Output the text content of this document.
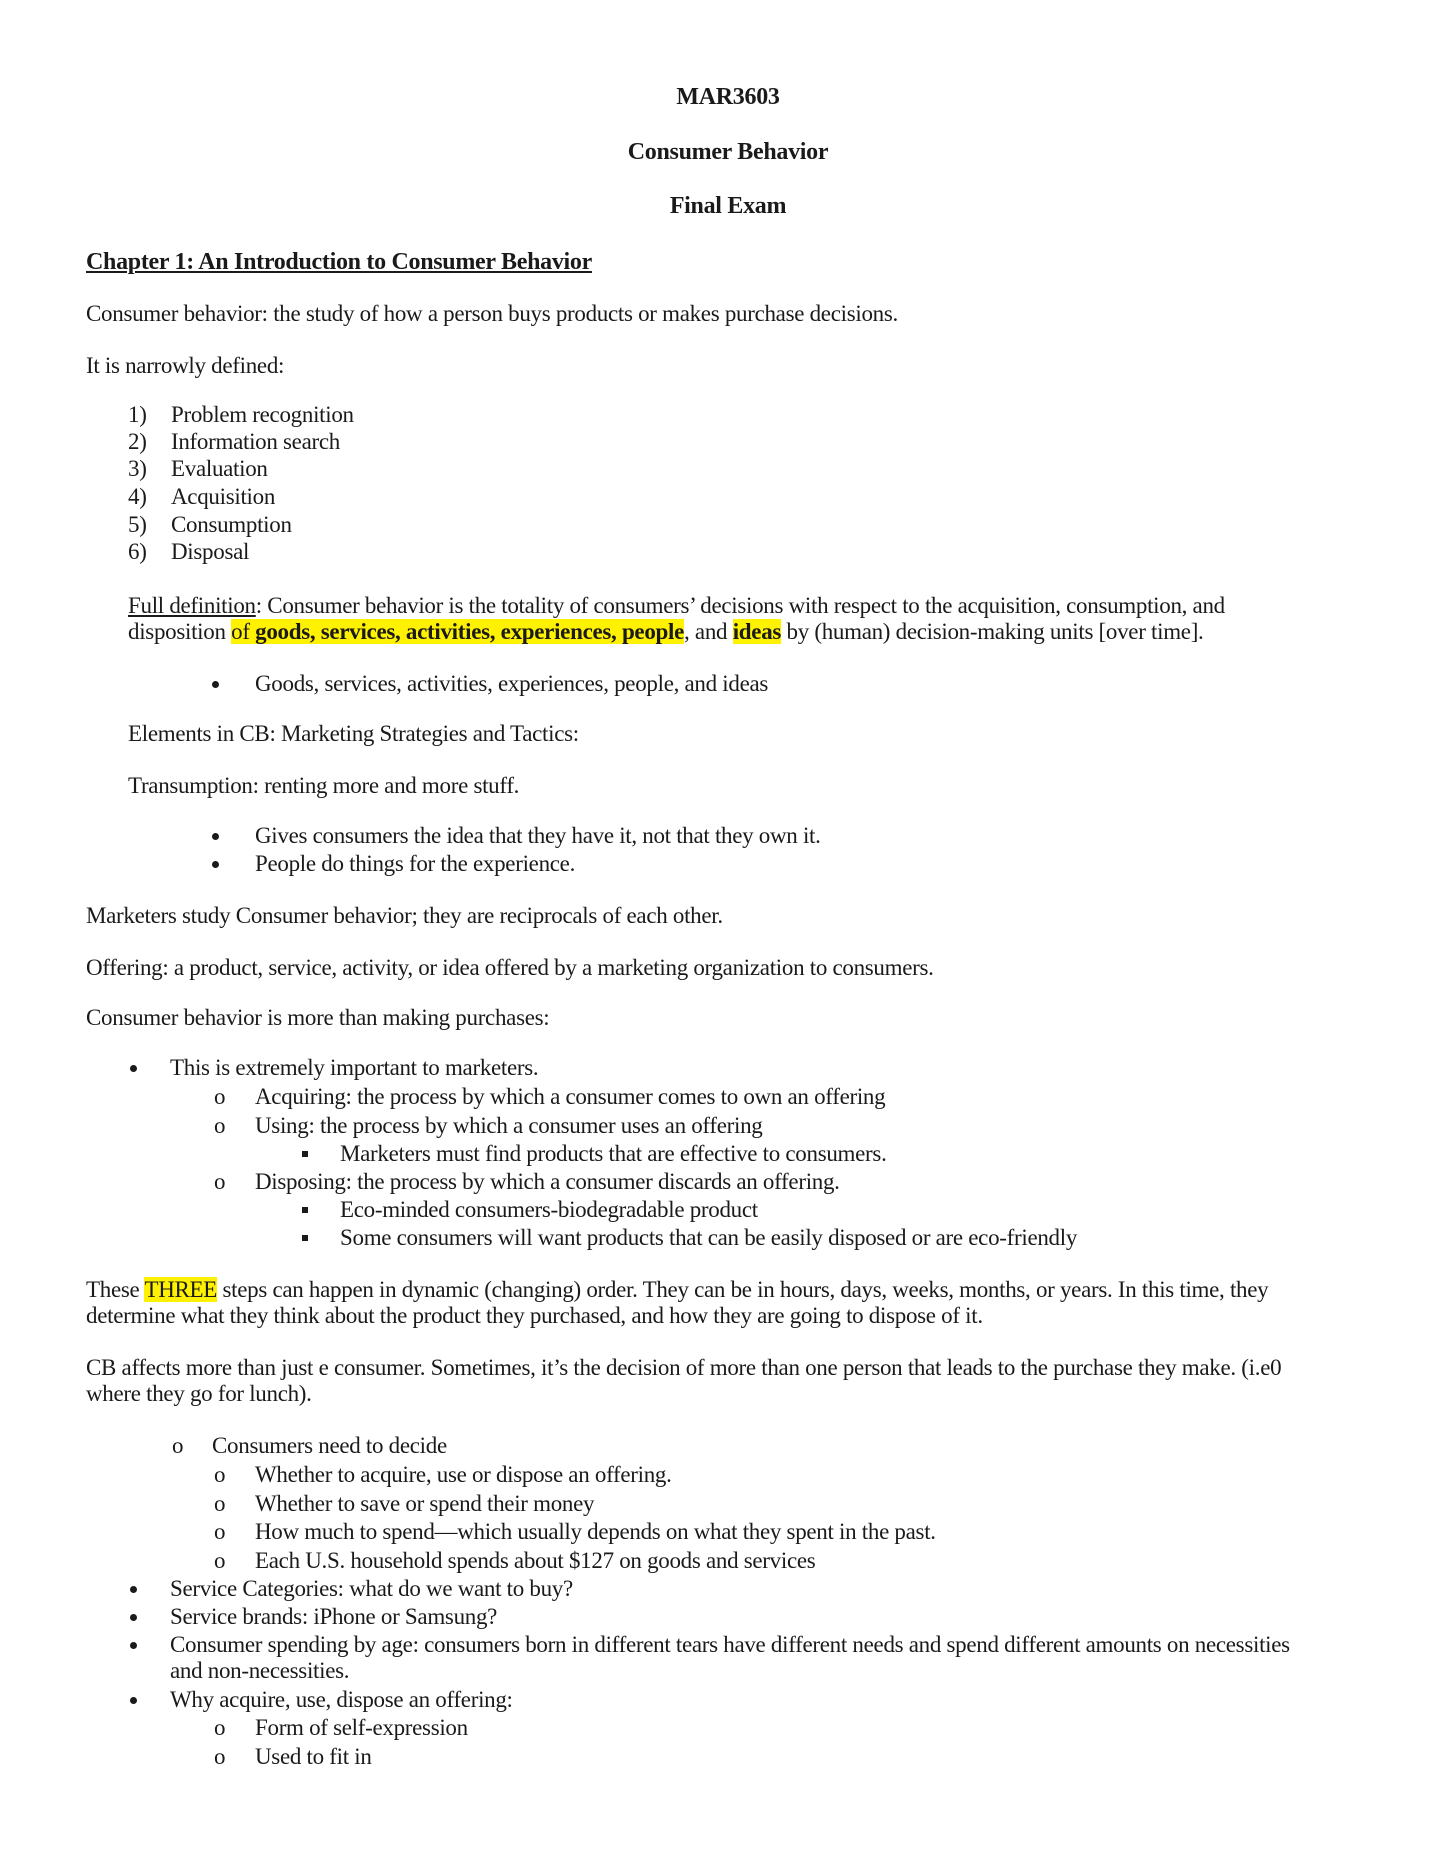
MAR3603
Consumer Behavior
Final Exam
Chapter 1: An Introduction to Consumer Behavior
Consumer behavior: the study of how a person buys products or makes purchase decisions.
It is narrowly defined:
1) Problem recognition
2) Information search
3) Evaluation
4) Acquisition
5) Consumption
6) Disposal
Full definition: Consumer behavior is the totality of consumers’ decisions with respect to the acquisition, consumption, and
disposition of goods, services, activities, experiences, people, and ideas by (human) decision-making units [over time].
Goods, services, activities, experiences, people, and ideas
Elements in CB: Marketing Strategies and Tactics:
Transumption: renting more and more stuff.
Gives consumers the idea that they have it, not that they own it.
People do things for the experience.
Marketers study Consumer behavior; they are reciprocals of each other.
Offering: a product, service, activity, or idea offered by a marketing organization to consumers.
Consumer behavior is more than making purchases:
This is extremely important to marketers.
o Acquiring: the process by which a consumer comes to own an offering
o Using: the process by which a consumer uses an offering
Marketers must find products that are effective to consumers.
o Disposing: the process by which a consumer discards an offering.
Eco-minded consumers-biodegradable product
Some consumers will want products that can be easily disposed or are eco-friendly
These THREE steps can happen in dynamic (changing) order. They can be in hours, days, weeks, months, or years. In this time, they
determine what they think about the product they purchased, and how they are going to dispose of it.
CB affects more than just e consumer. Sometimes, it’s the decision of more than one person that leads to the purchase they make. (i.e0
where they go for lunch).
o Consumers need to decide
o Whether to acquire, use or dispose an offering.
o Whether to save or spend their money
o How much to spend—which usually depends on what they spent in the past.
o Each U.S. household spends about $127 on goods and services
Service Categories: what do we want to buy?
Service brands: iPhone or Samsung?
Consumer spending by age: consumers born in different tears have different needs and spend different amounts on necessities
and non-necessities.
Why acquire, use, dispose an offering:
o Form of self-expression
o Used to fit in
